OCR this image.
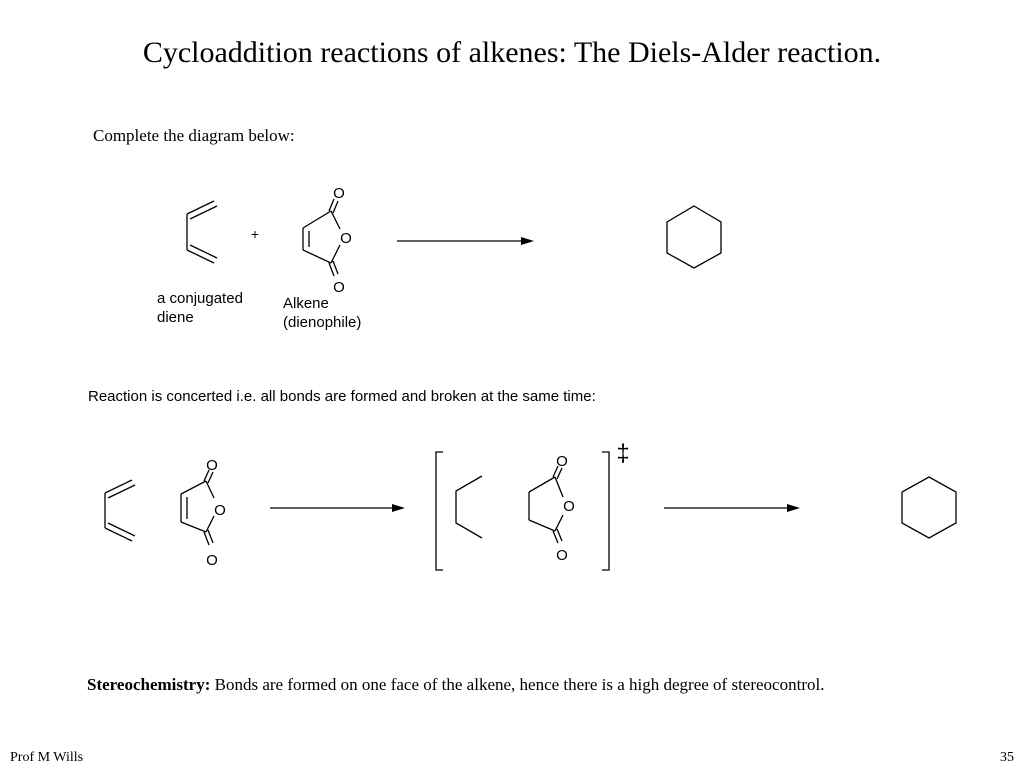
Cycloaddition reactions of alkenes: The Diels-Alder reaction.
Complete the diagram below:
a conjugated
diene
Alkene
(dienophile)
Reaction is concerted i.e. all bonds are formed and broken at the same time:
Stereochemistry: Bonds are formed on one face of the alkene, hence there is a high degree of stereocontrol.
Prof M Wills	35
+
O
O
O
O
O
O
O
O
O
‡
